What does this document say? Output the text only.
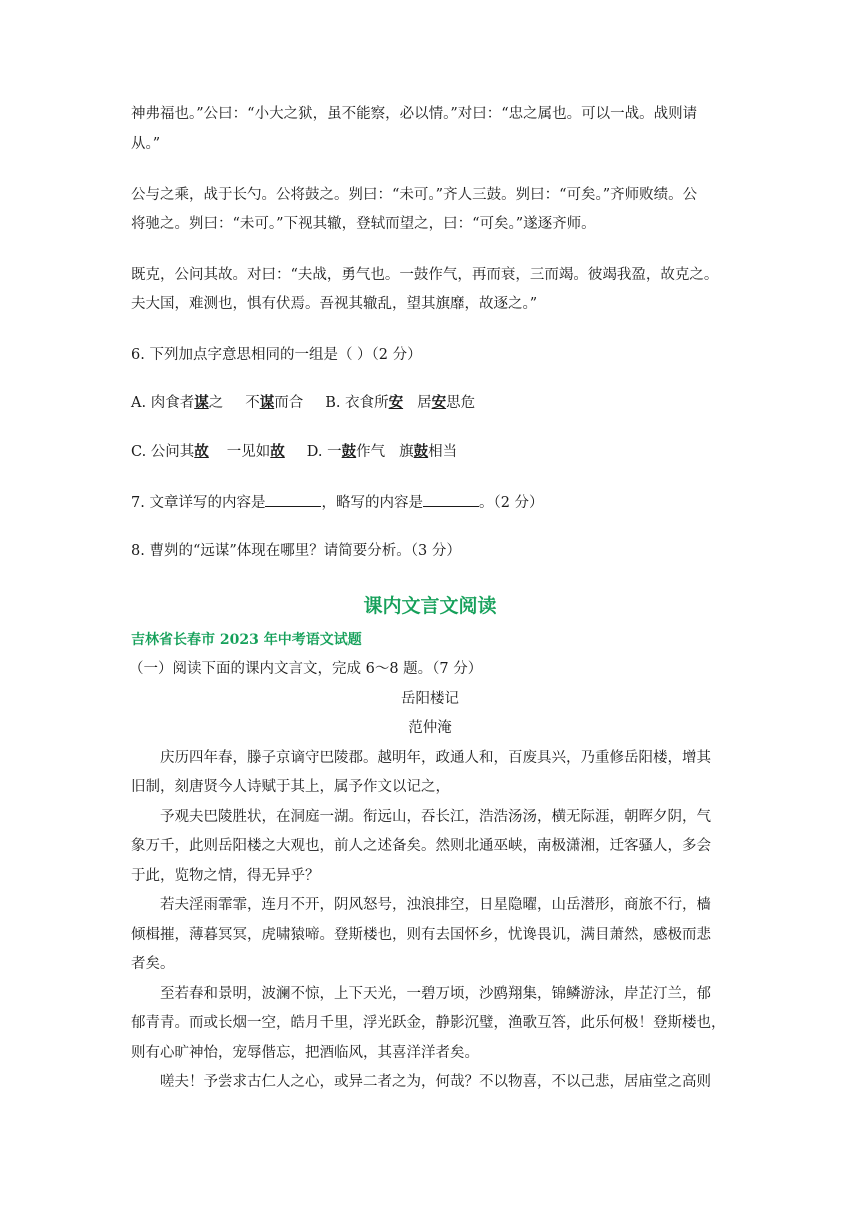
神弗福也。”公曰：“小大之狱，虽不能察，必以情。”对曰：“忠之属也。可以一战。战则请
从。”
公与之乘，战于长勺。公将鼓之。刿曰：“未可。”齐人三鼓。刿曰：“可矣。”齐师败绩。公
将驰之。刿曰：“未可。”下视其辙，登轼而望之，曰：“可矣。”遂逐齐师。
既克，公问其故。对曰：“夫战，勇气也。一鼓作气，再而衰，三而竭。彼竭我盈，故克之。
夫大国，难测也，惧有伏焉。吾视其辙乱，望其旗靡，故逐之。”
6. 下列加点字意思相同的一组是（ ）（2 分）
A. 肉食者谋之 不谋而合 B. 衣食所安 居安思危
C. 公问其故 一见如故 D. 一鼓作气 旗鼓相当
7. 文章详写的内容是	，略写的内容是	。（2 分）
8. 曹刿的“远谋”体现在哪里？请简要分析。（3 分）
课内文言文阅读
吉林省长春市 2023 年中考语文试题
（一）阅读下面的课内文言文，完成 6～8 题。（7 分）
岳阳楼记
范仲淹
庆历四年春，滕子京谪守巴陵郡。越明年，政通人和，百废具兴，乃重修岳阳楼，增其
旧制，刻唐贤今人诗赋于其上，属予作文以记之，
予观夫巴陵胜状，在洞庭一湖。衔远山，吞长江，浩浩汤汤，横无际涯，朝晖夕阴，气
象万千，此则岳阳楼之大观也，前人之述备矣。然则北通巫峡，南极潇湘，迁客骚人，多会
于此，览物之情，得无异乎？
若夫淫雨霏霏，连月不开，阴风怒号，浊浪排空，日星隐曜，山岳潜形，商旅不行，樯
倾楫摧，薄暮冥冥，虎啸猿啼。登斯楼也，则有去国怀乡，忧谗畏讥，满目萧然，感极而悲
者矣。
至若春和景明，波澜不惊，上下天光，一碧万顷，沙鸥翔集，锦鳞游泳，岸芷汀兰，郁
郁青青。而或长烟一空，皓月千里，浮光跃金，静影沉璧，渔歌互答，此乐何极！登斯楼也，
则有心旷神怡，宠辱偕忘，把酒临风，其喜洋洋者矣。
嗟夫！予尝求古仁人之心，或异二者之为，何哉？不以物喜，不以己悲，居庙堂之高则
